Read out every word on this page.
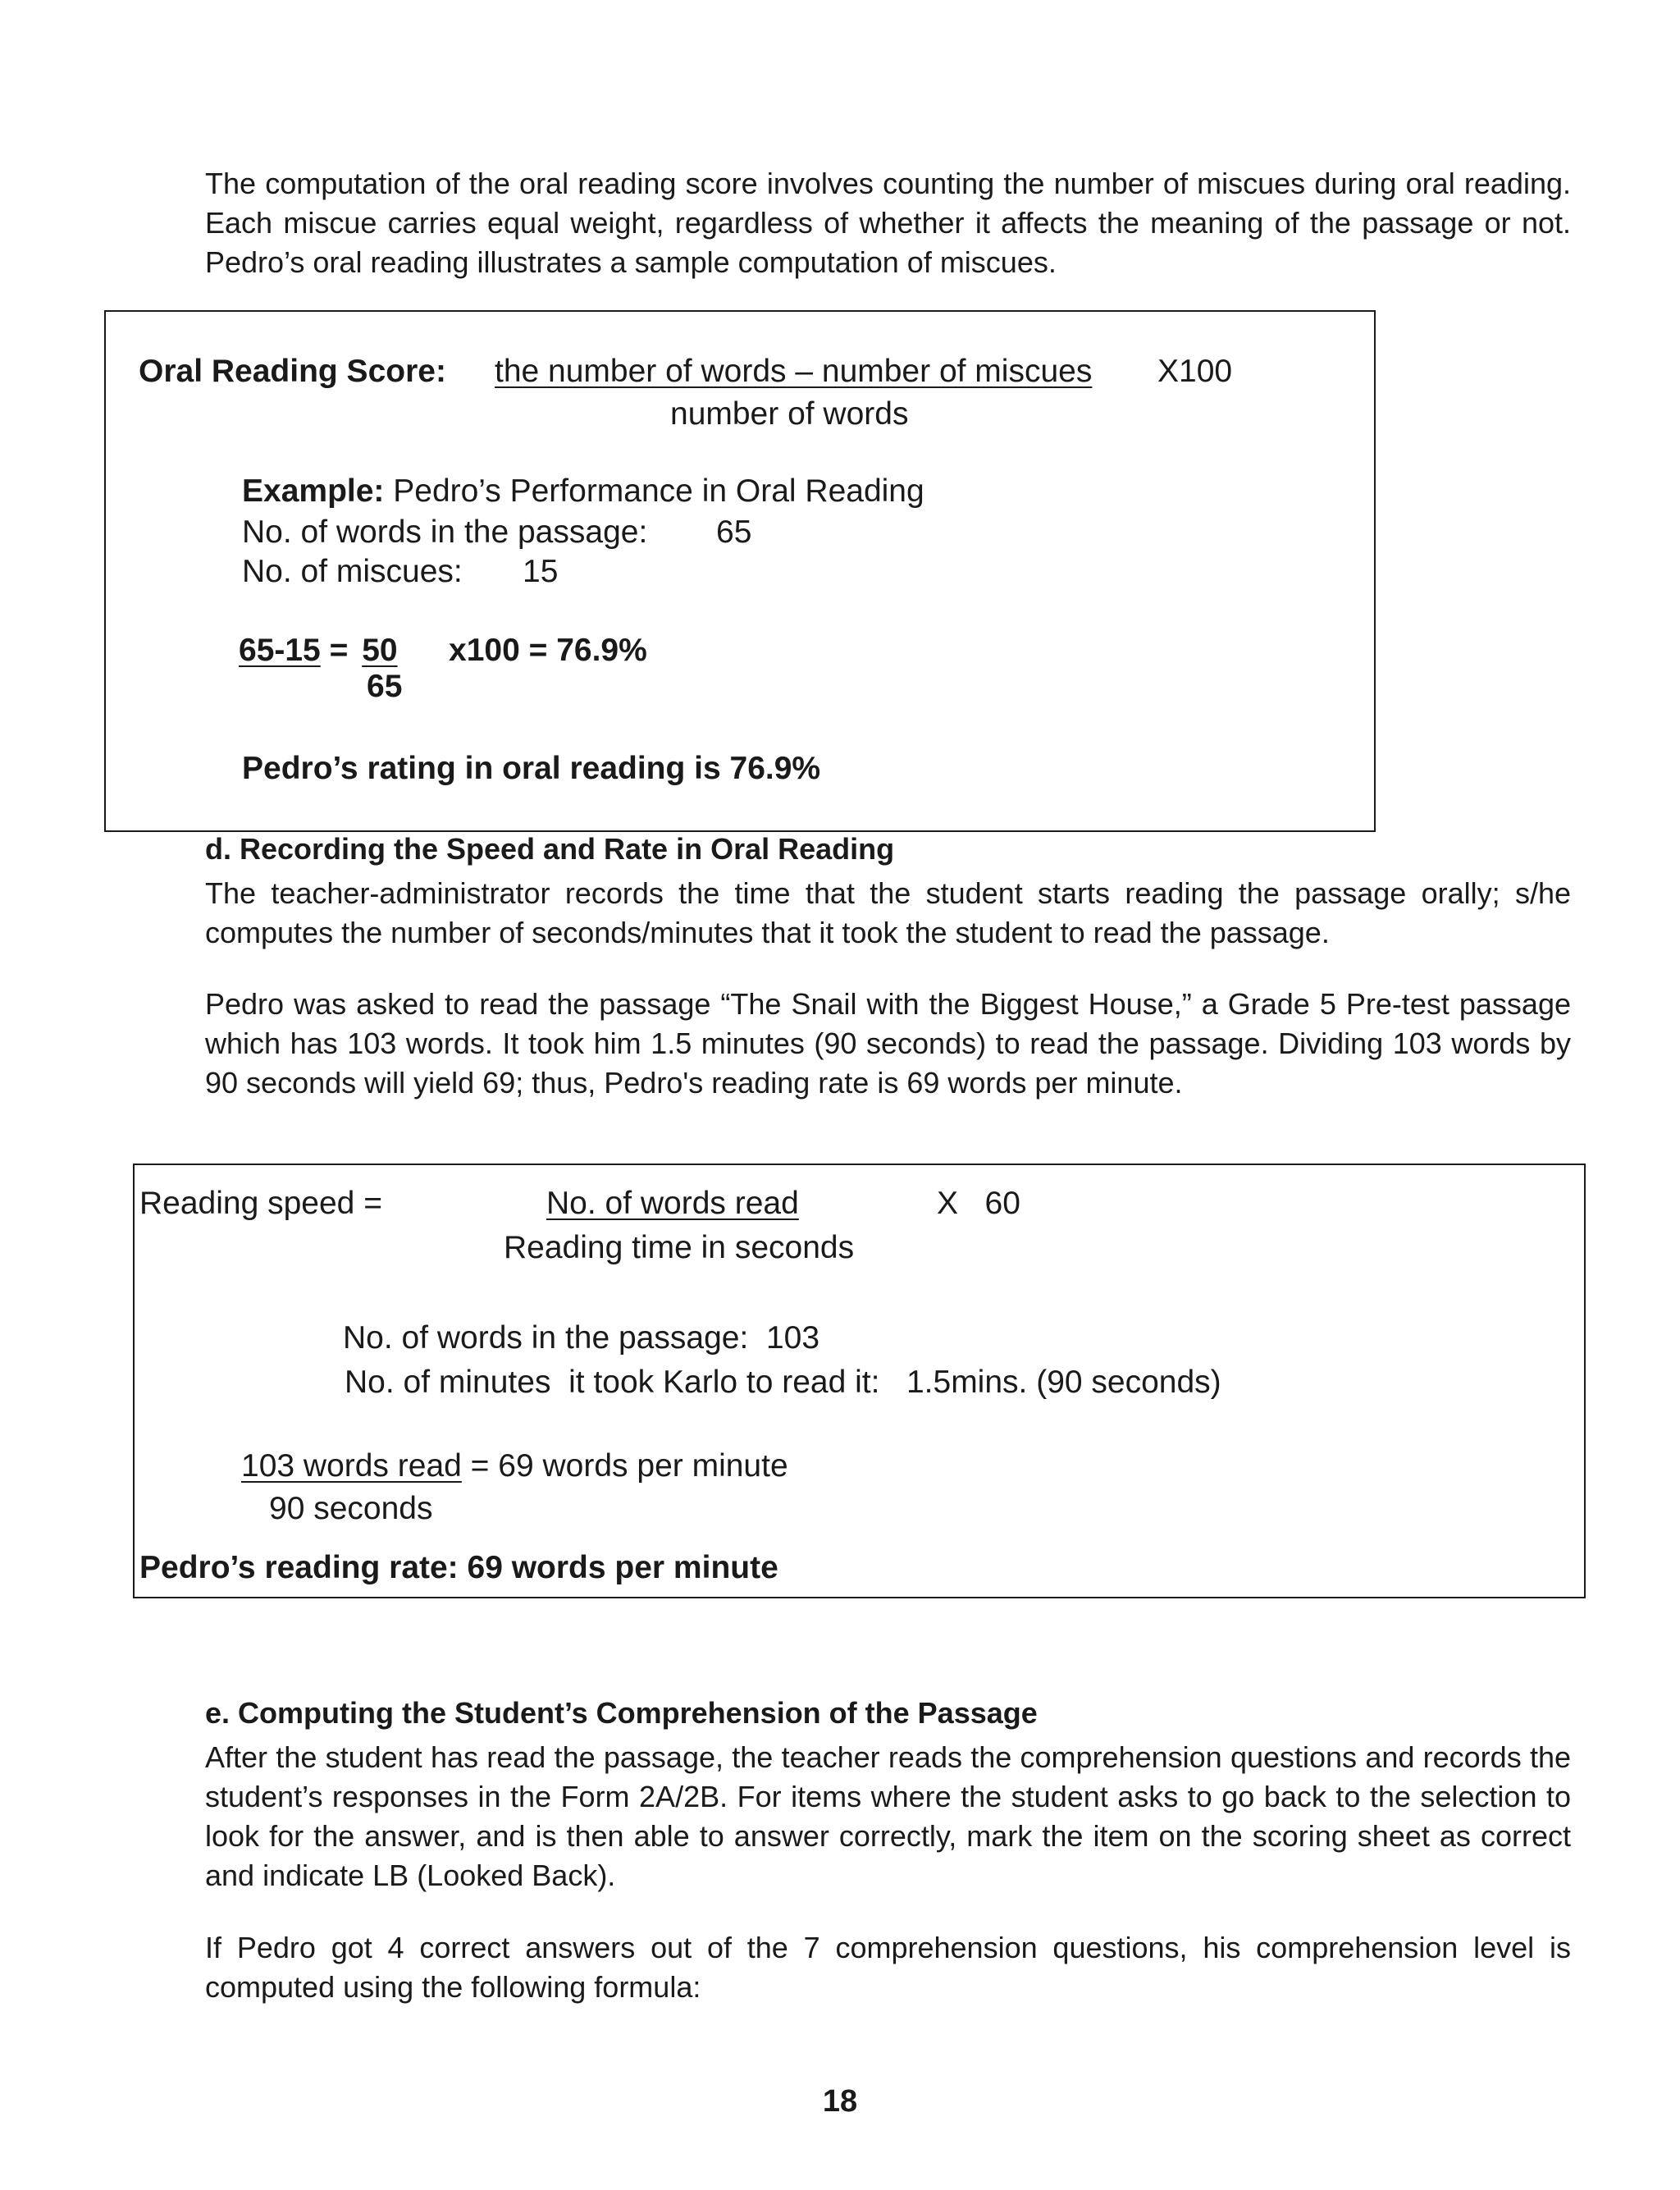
The computation of the oral reading score involves counting the number of miscues during oral reading. Each miscue carries equal weight, regardless of whether it affects the meaning of the passage or not. Pedro’s oral reading illustrates a sample computation of miscues.
Oral Reading Score: the number of words – number of miscues X100
number of words
Example: Pedro’s Performance in Oral Reading
No. of words in the passage: 65
No. of miscues: 15
65-15 = 50 x100 = 76.9%
65
Pedro’s rating in oral reading is 76.9%
d. Recording the Speed and Rate in Oral Reading
The teacher-administrator records the time that the student starts reading the passage orally; s/he computes the number of seconds/minutes that it took the student to read the passage.
Pedro was asked to read the passage “The Snail with the Biggest House,” a Grade 5 Pre-test passage which has 103 words. It took him 1.5 minutes (90 seconds) to read the passage. Dividing 103 words by 90 seconds will yield 69; thus, Pedro's reading rate is 69 words per minute.
Reading speed =	No. of words read	X   60
Reading time in seconds
No. of words in the passage:  103
No. of minutes  it took Karlo to read it:   1.5mins. (90 seconds)
103 words read = 69 words per minute
90 seconds
Pedro’s reading rate: 69 words per minute
e. Computing the Student’s Comprehension of the Passage
After the student has read the passage, the teacher reads the comprehension questions and records the student’s responses in the Form 2A/2B. For items where the student asks to go back to the selection to look for the answer, and is then able to answer correctly, mark the item on the scoring sheet as correct and indicate LB (Looked Back).
If Pedro got 4 correct answers out of the 7 comprehension questions, his comprehension level is computed using the following formula:
18
